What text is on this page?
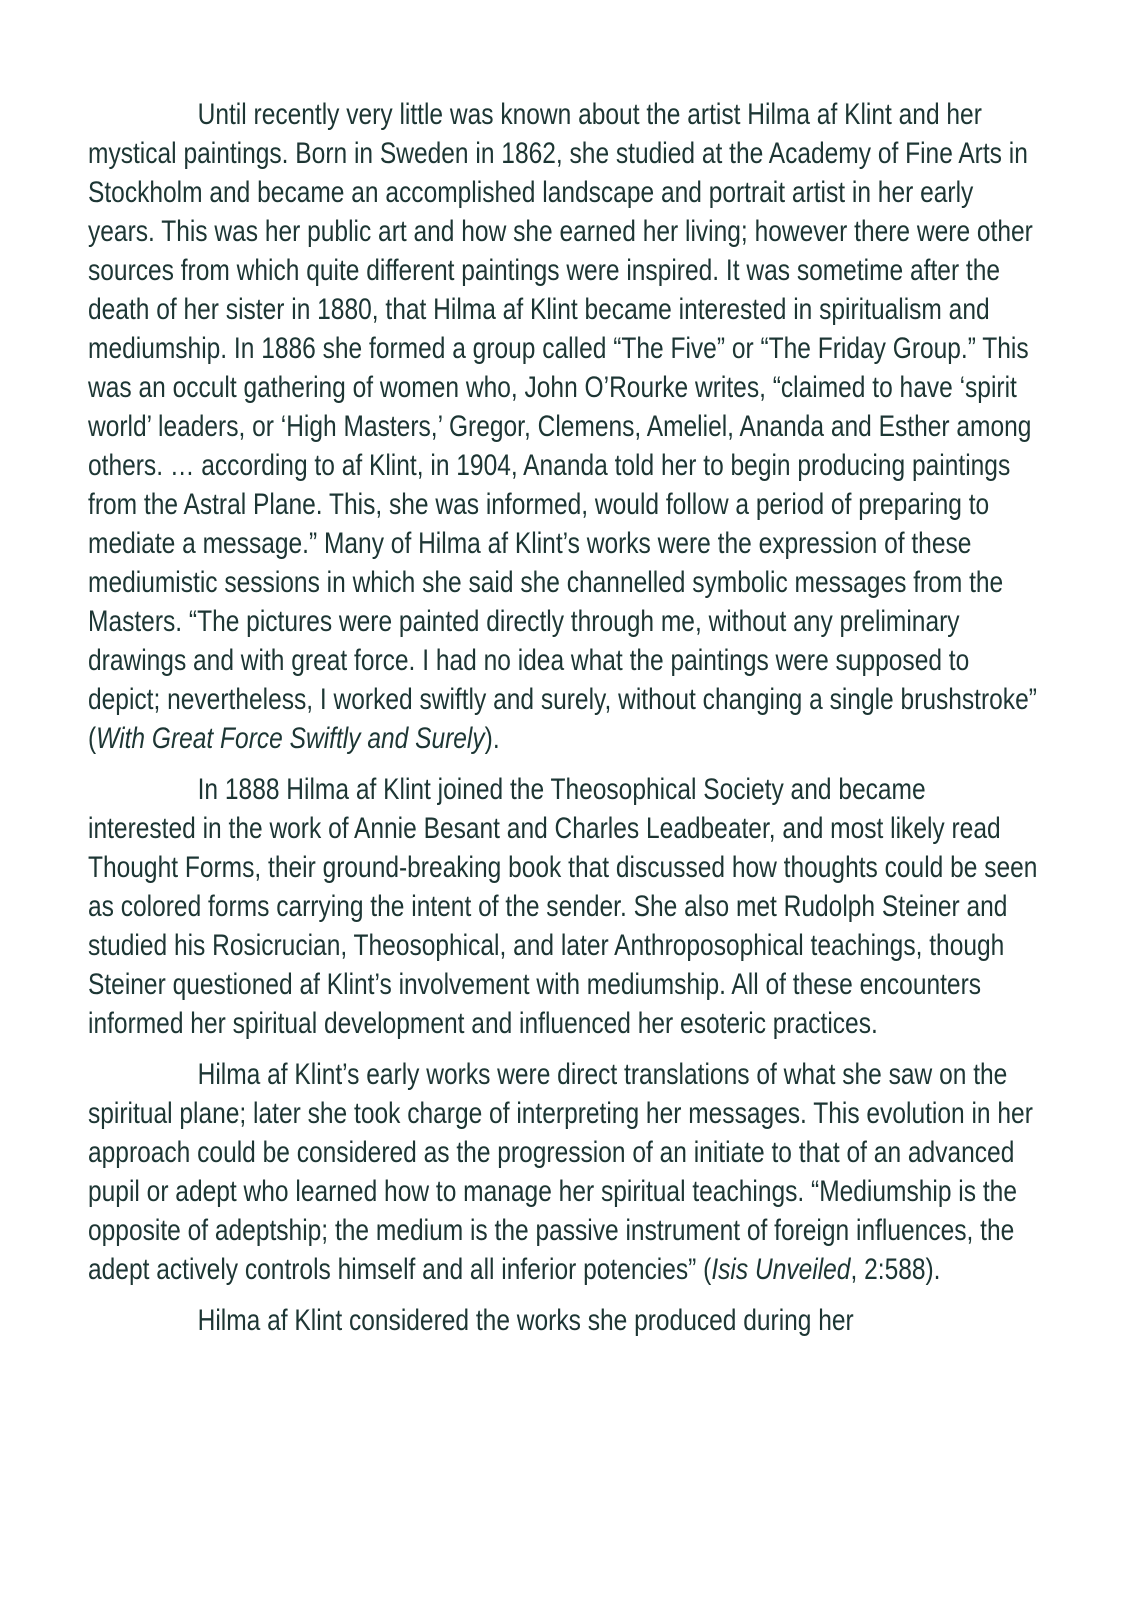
Until recently very little was known about the artist Hilma af Klint and her mystical paintings. Born in Sweden in 1862, she studied at the Academy of Fine Arts in Stockholm and became an accomplished landscape and portrait artist in her early years. This was her public art and how she earned her living; however there were other sources from which quite different paintings were inspired. It was sometime after the death of her sister in 1880, that Hilma af Klint became interested in spiritualism and mediumship. In 1886 she formed a group called “The Five” or “The Friday Group.” This was an occult gathering of women who, John O’Rourke writes, “claimed to have ‘spirit world’ leaders, or ‘High Masters,’ Gregor, Clemens, Ameliel, Ananda and Esther among others. … according to af Klint, in 1904, Ananda told her to begin producing paintings from the Astral Plane. This, she was informed, would follow a period of preparing to mediate a message.” Many of Hilma af Klint’s works were the expression of these mediumistic sessions in which she said she channelled symbolic messages from the Masters. “The pictures were painted directly through me, without any preliminary drawings and with great force. I had no idea what the paintings were supposed to depict; nevertheless, I worked swiftly and surely, without changing a single brushstroke” (With Great Force Swiftly and Surely).

In 1888 Hilma af Klint joined the Theosophical Society and became interested in the work of Annie Besant and Charles Leadbeater, and most likely read Thought Forms, their ground-breaking book that discussed how thoughts could be seen as colored forms carrying the intent of the sender. She also met Rudolph Steiner and studied his Rosicrucian, Theosophical, and later Anthroposophical teachings, though Steiner questioned af Klint’s involvement with mediumship. All of these encounters informed her spiritual development and influenced her esoteric practices.

Hilma af Klint’s early works were direct translations of what she saw on the spiritual plane; later she took charge of interpreting her messages. This evolution in her approach could be considered as the progression of an initiate to that of an advanced pupil or adept who learned how to manage her spiritual teachings. “Mediumship is the opposite of adeptship; the medium is the passive instrument of foreign influences, the adept actively controls himself and all inferior potencies” (Isis Unveiled, 2:588).

Hilma af Klint considered the works she produced during her
